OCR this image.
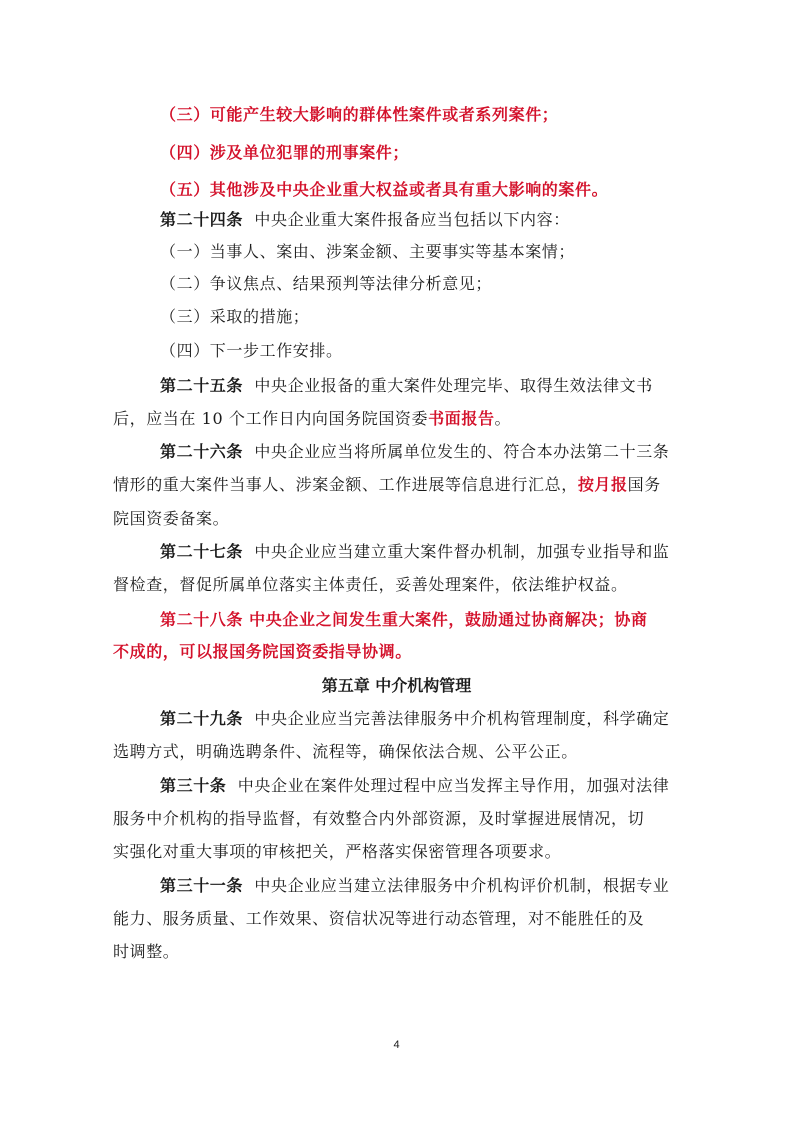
（三）可能产生较大影响的群体性案件或者系列案件；
（四）涉及单位犯罪的刑事案件；
（五）其他涉及中央企业重大权益或者具有重大影响的案件。
第二十四条 中央企业重大案件报备应当包括以下内容：
（一）当事人、案由、涉案金额、主要事实等基本案情；
（二）争议焦点、结果预判等法律分析意见；
（三）采取的措施；
（四）下一步工作安排。
第二十五条 中央企业报备的重大案件处理完毕、取得生效法律文书
后，应当在 10 个工作日内向国务院国资委书面报告。
第二十六条 中央企业应当将所属单位发生的、符合本办法第二十三条
情形的重大案件当事人、涉案金额、工作进展等信息进行汇总，按月报国务
院国资委备案。
第二十七条 中央企业应当建立重大案件督办机制，加强专业指导和监
督检查，督促所属单位落实主体责任，妥善处理案件，依法维护权益。
第二十八条 中央企业之间发生重大案件，鼓励通过协商解决；协商
不成的，可以报国务院国资委指导协调。
第五章 中介机构管理
第二十九条 中央企业应当完善法律服务中介机构管理制度，科学确定
选聘方式，明确选聘条件、流程等，确保依法合规、公平公正。
第三十条 中央企业在案件处理过程中应当发挥主导作用，加强对法律
服务中介机构的指导监督，有效整合内外部资源，及时掌握进展情况，切
实强化对重大事项的审核把关，严格落实保密管理各项要求。
第三十一条 中央企业应当建立法律服务中介机构评价机制，根据专业
能力、服务质量、工作效果、资信状况等进行动态管理，对不能胜任的及
时调整。
4
